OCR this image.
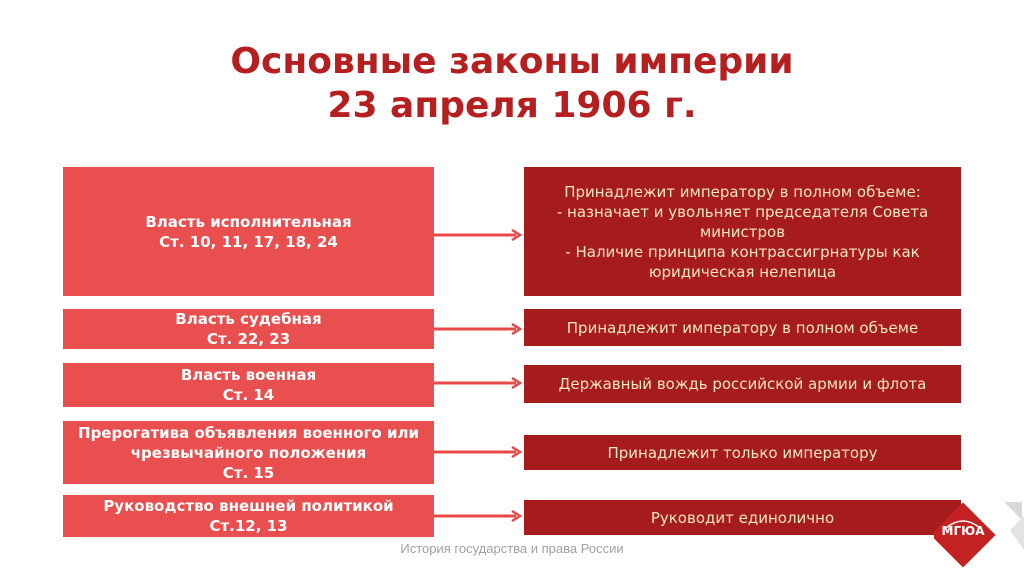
Основные законы империи
23 апреля 1906 г.
Власть исполнительная
Ст. 10, 11, 17, 18, 24
Принадлежит императору в полном объеме:
- назначает и увольняет председателя Совета министров
- Наличие принципа контрассигрнатуры как юридическая нелепица
Власть судебная
Ст. 22, 23
Принадлежит императору в полном объеме
Власть военная
Ст. 14
Державный вождь российской армии и флота
Прерогатива объявления военного или чрезвычайного положения
Ст. 15
Принадлежит только императору
Руководство внешней политикой
Ст.12, 13	Руководит единолично
История государства и права России
МГЮА
